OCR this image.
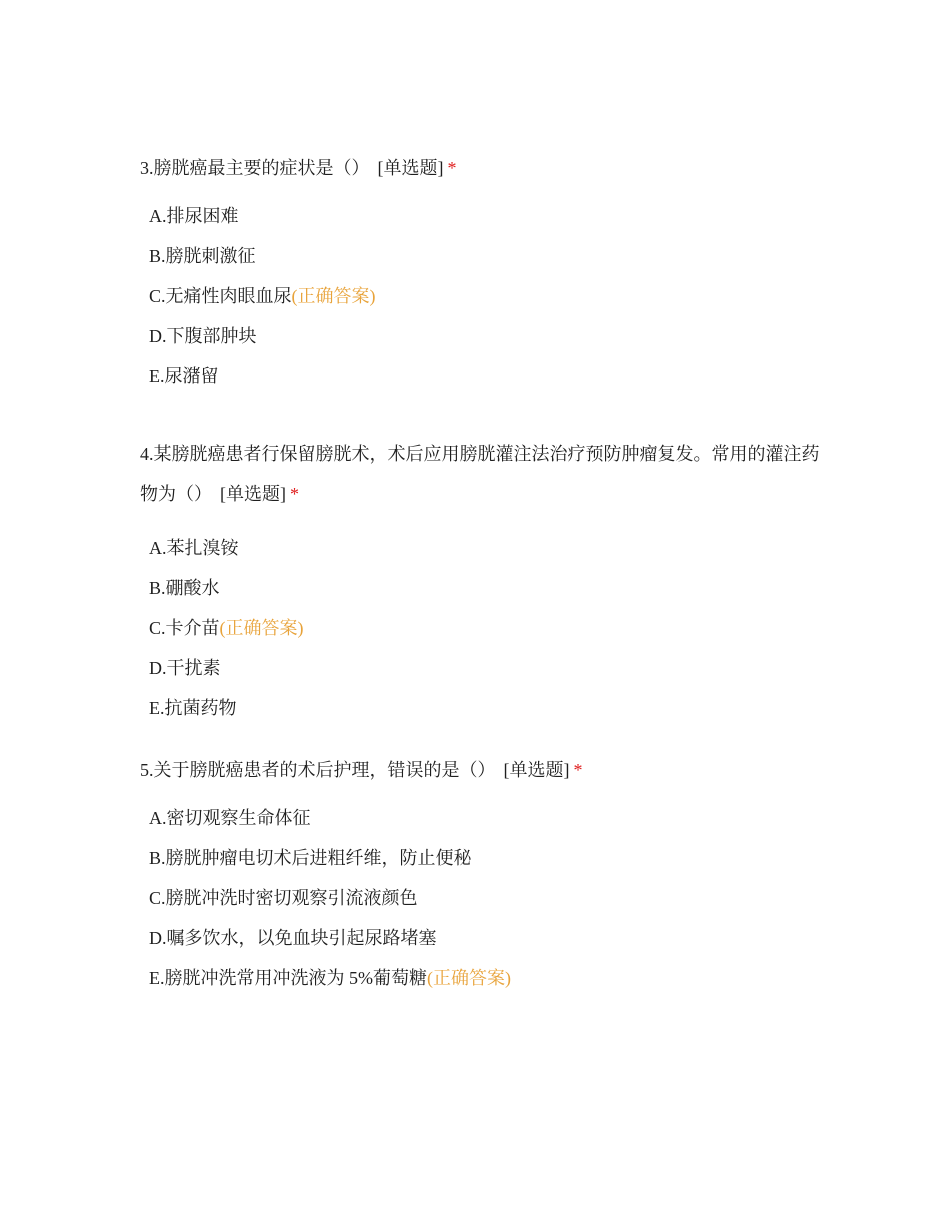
3.膀胱癌最主要的症状是（） [单选题] *

A.排尿困难
B.膀胱刺激征
C.无痛性肉眼血尿(正确答案)
D.下腹部肿块
E.尿潴留

4.某膀胱癌患者行保留膀胱术，术后应用膀胱灌注法治疗预防肿瘤复发。常用的灌注药物为（） [单选题] *

A.苯扎溴铵
B.硼酸水
C.卡介苗(正确答案)
D.干扰素
E.抗菌药物

5.关于膀胱癌患者的术后护理，错误的是（） [单选题] *

A.密切观察生命体征
B.膀胱肿瘤电切术后进粗纤维，防止便秘
C.膀胱冲洗时密切观察引流液颜色
D.嘱多饮水，以免血块引起尿路堵塞
E.膀胱冲洗常用冲洗液为 5%葡萄糖(正确答案)
